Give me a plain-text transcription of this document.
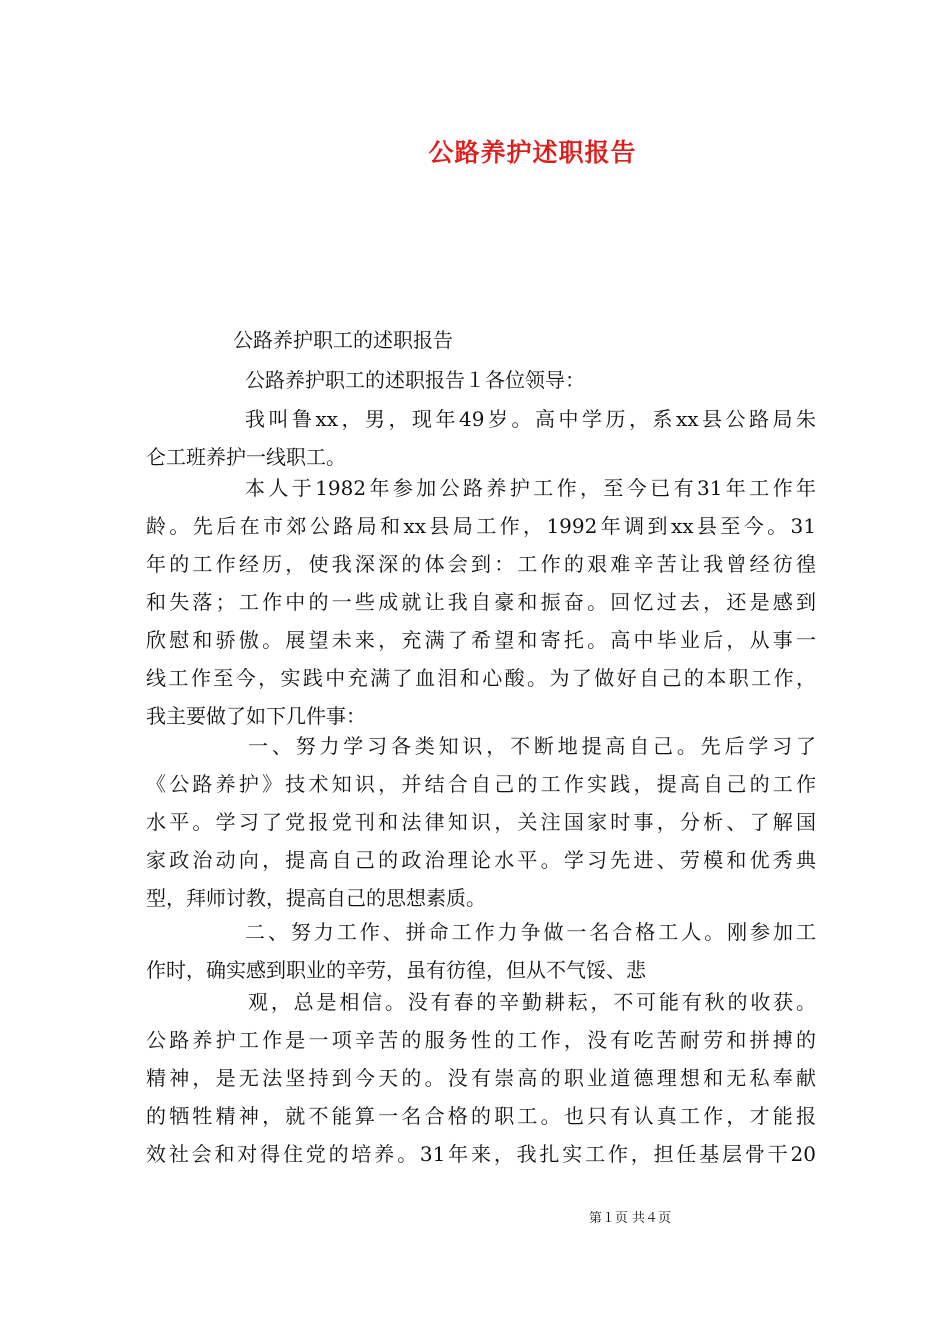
公路养护述职报告
公路养护职工的述职报告
公路养护职工的述职报告１各位领导：
我叫鲁xx，男，现年49岁。高中学历，系xx县公路局朱
仑工班养护一线职工。
本人于1982年参加公路养护工作，至今已有31年工作年
龄。先后在市郊公路局和xx县局工作，1992年调到xx县至今。31
年的工作经历，使我深深的体会到：工作的艰难辛苦让我曾经彷徨
和失落；工作中的一些成就让我自豪和振奋。回忆过去，还是感到
欣慰和骄傲。展望未来，充满了希望和寄托。高中毕业后，从事一
线工作至今，实践中充满了血泪和心酸。为了做好自己的本职工作，
我主要做了如下几件事：
一、努力学习各类知识，不断地提高自己。先后学习了
《公路养护》技术知识，并结合自己的工作实践，提高自己的工作
水平。学习了党报党刊和法律知识，关注国家时事，分析、了解国
家政治动向，提高自己的政治理论水平。学习先进、劳模和优秀典
型，拜师讨教，提高自己的思想素质。
二、努力工作、拼命工作力争做一名合格工人。刚参加工
作时，确实感到职业的辛劳，虽有彷徨，但从不气馁、悲
观，总是相信。没有春的辛勤耕耘，不可能有秋的收获。
公路养护工作是一项辛苦的服务性的工作，没有吃苦耐劳和拼搏的
精神，是无法坚持到今天的。没有崇高的职业道德理想和无私奉献
的牺牲精神，就不能算一名合格的职工。也只有认真工作，才能报
效社会和对得住党的培养。31年来，我扎实工作，担任基层骨干20
第１页 共４页
